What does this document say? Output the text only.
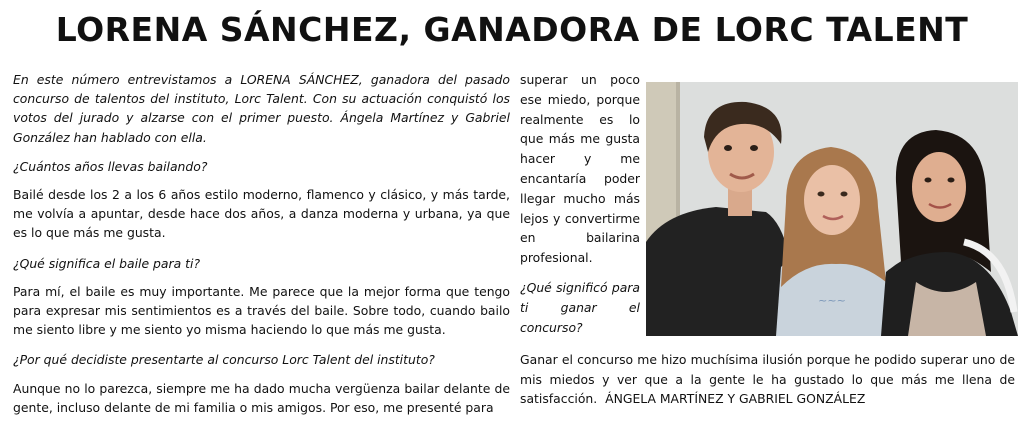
LORENA SÁNCHEZ, GANADORA DE LORC TALENT

En este número entrevistamos a LORENA SÁNCHEZ, ganadora del pasado concurso de talentos del instituto, Lorc Talent. Con su actuación conquistó los votos del jurado y alzarse con el primer puesto. Ángela Martínez y Gabriel González han hablado con ella.

¿Cuántos años llevas bailando?

Bailé desde los 2 a los 6 años estilo moderno, flamenco y clásico, y más tarde, me volvía a apuntar, desde hace dos años, a danza moderna y urbana, ya que es lo que más me gusta.

¿Qué significa el baile para ti?

Para mí, el baile es muy importante. Me parece que la mejor forma que tengo para expresar mis sentimientos es a través del baile. Sobre todo, cuando bailo me siento libre y me siento yo misma haciendo lo que más me gusta.

¿Por qué decidiste presentarte al concurso Lorc Talent del instituto?

Aunque no lo parezca, siempre me ha dado mucha vergüenza bailar delante de gente, incluso delante de mi familia o mis amigos. Por eso, me presenté para

superar un poco ese miedo, porque realmente es lo que más me gusta hacer y me encantaría poder llegar mucho más lejos y convertirme en bailarina profesional.

¿Qué significó para ti ganar el concurso?

~~~

Ganar el concurso me hizo muchísima ilusión porque he podido superar uno de mis miedos y ver que a la gente le ha gustado lo que más me llena de satisfacción. ÁNGELA MARTÍNEZ Y GABRIEL GONZÁLEZ
